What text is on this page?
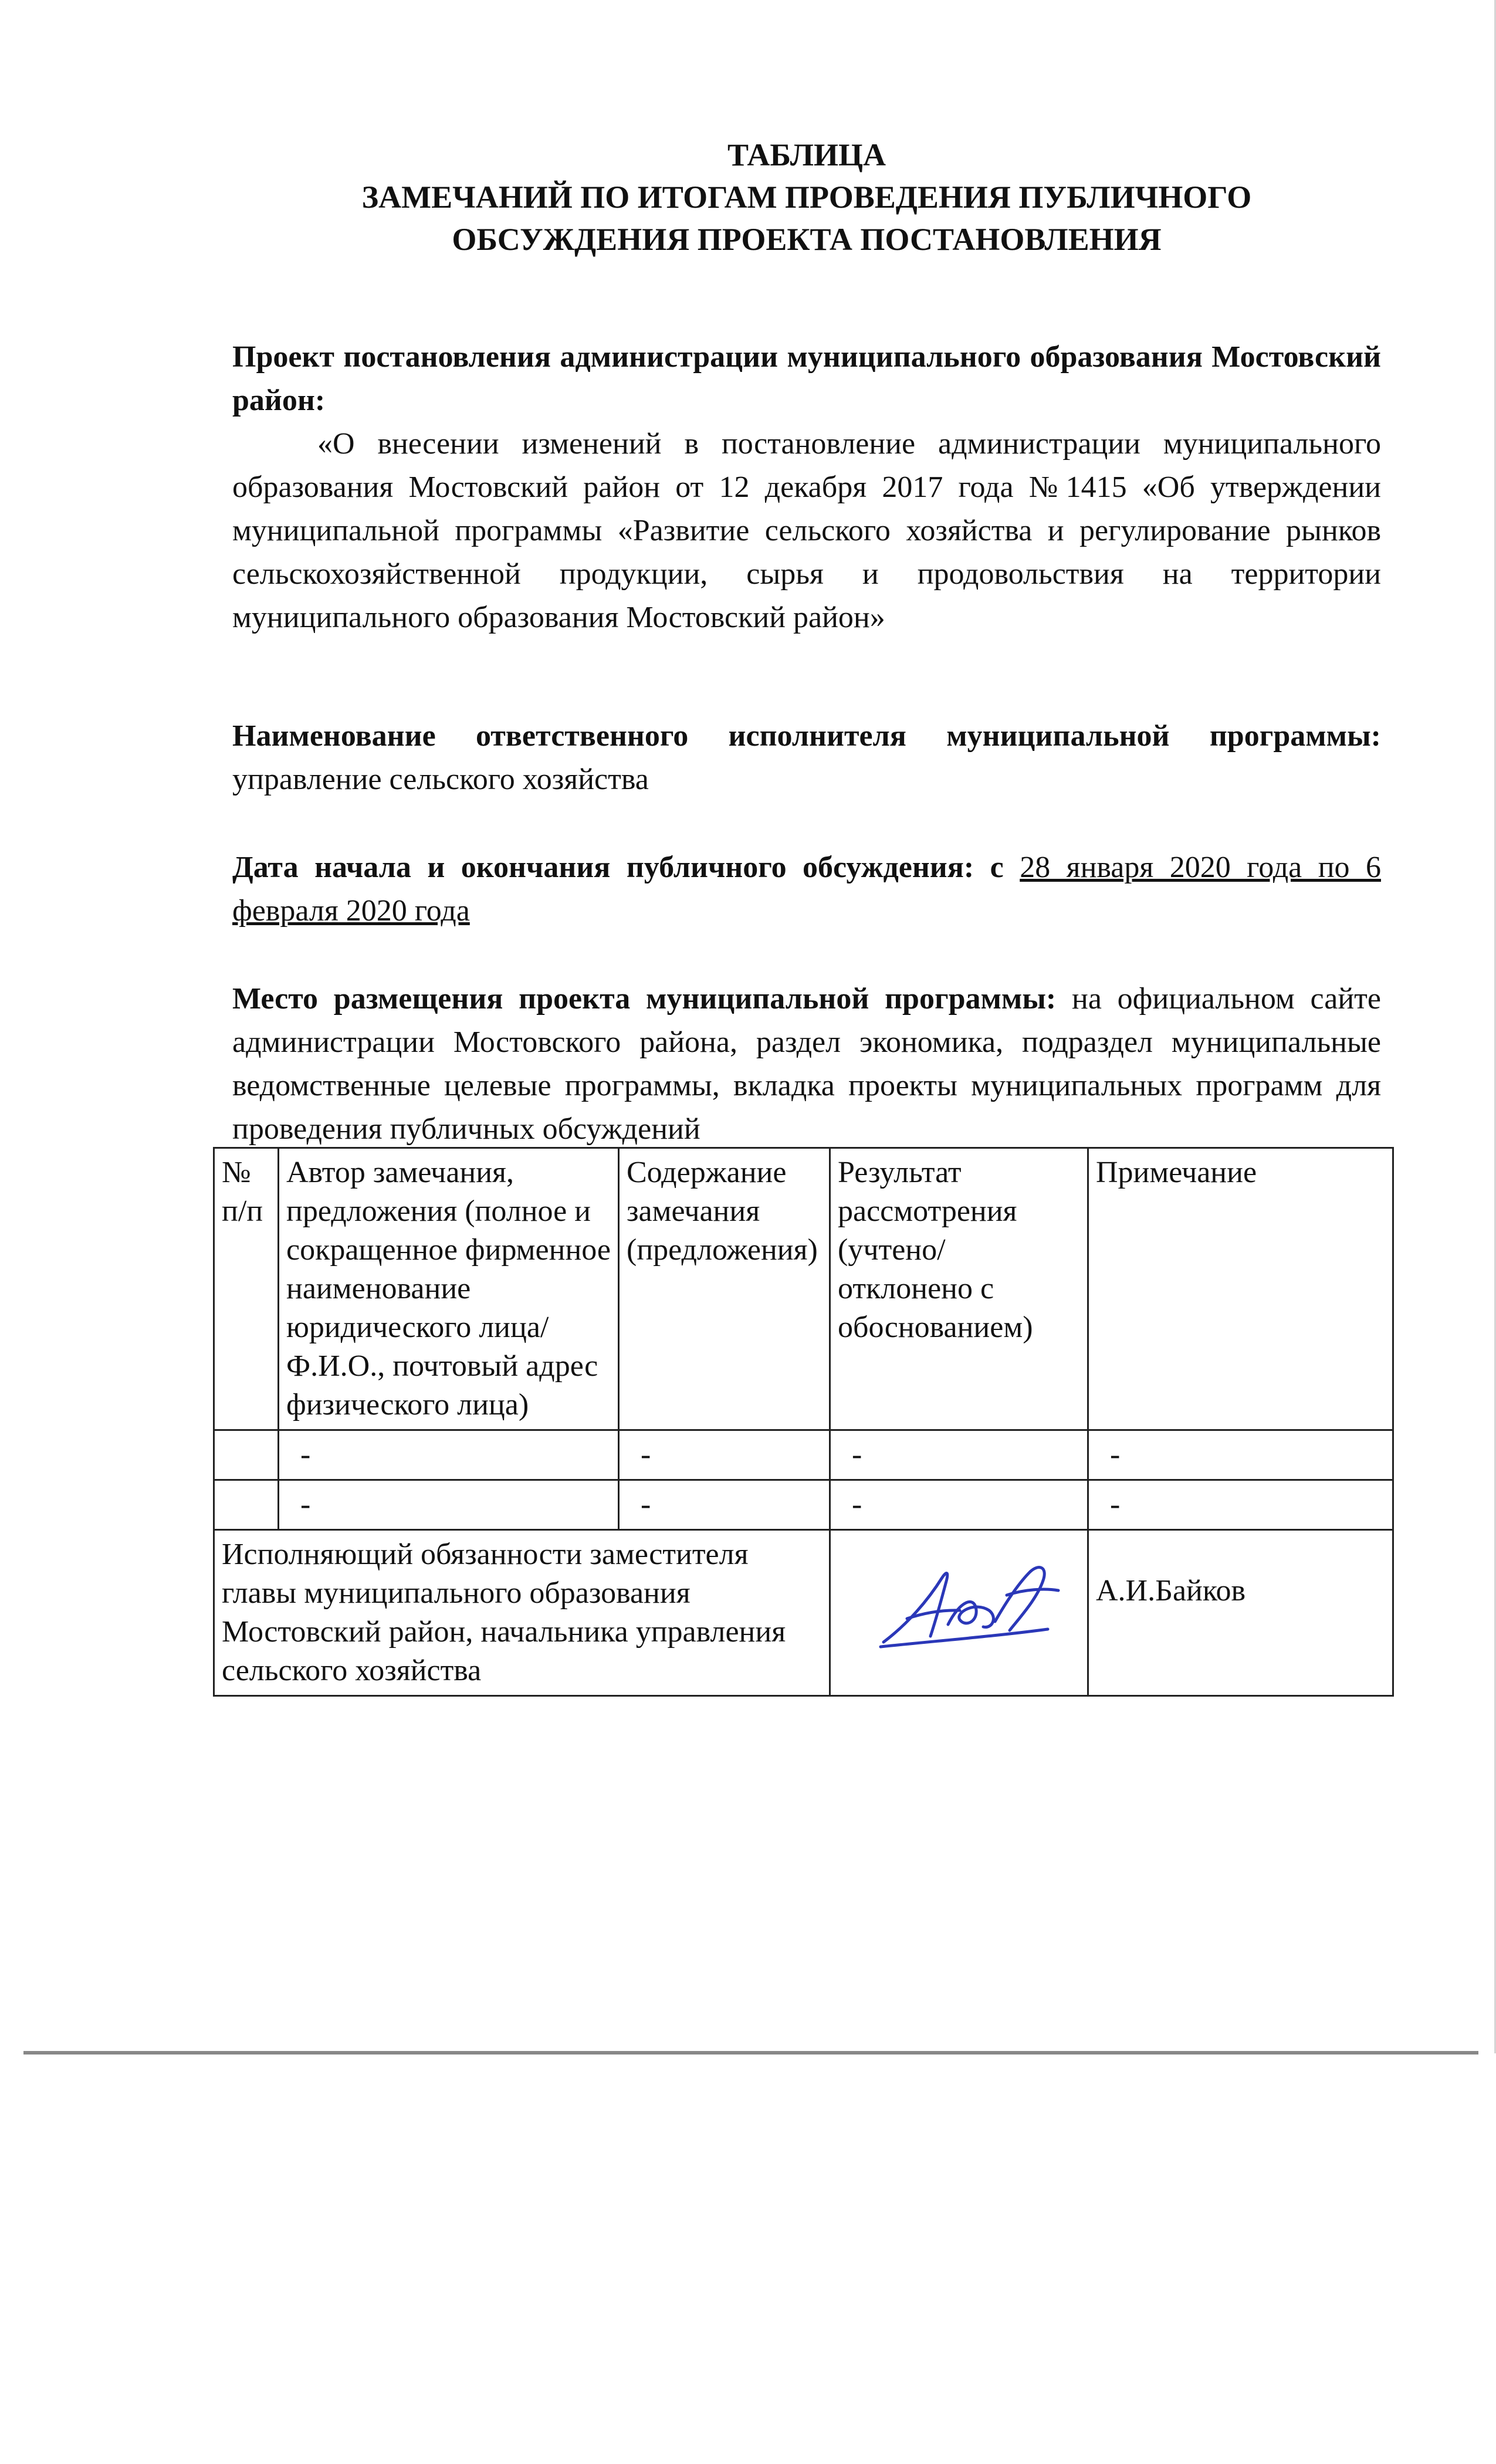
ТАБЛИЦА

ЗАМЕЧАНИЙ ПО ИТОГАМ ПРОВЕДЕНИЯ ПУБЛИЧНОГО

ОБСУЖДЕНИЯ ПРОЕКТА ПОСТАНОВЛЕНИЯ

Проект постановления администрации муниципального образования Мостовский район:

«О внесении изменений в постановление администрации муниципального образования Мостовский район от 12 декабря 2017 года №1415 «Об утверждении муниципальной программы «Развитие сельского хозяйства и регулирование рынков сельскохозяйственной продукции, сырья и продовольствия на территории муниципального образования Мостовский район»

Наименование ответственного исполнителя муниципальной программы: управление сельского хозяйства

Дата начала и окончания публичного обсуждения: с 28 января 2020 года по 6 февраля 2020 года

Место размещения проекта муниципальной программы: на официальном сайте администрации Мостовского района, раздел экономика, подраздел муниципальные ведомственные целевые программы, вкладка проекты муниципальных программ для проведения публичных обсуждений

№ п/п	Автор замечания, предложения (полное и сокращенное фирменное наименование юридического лица/Ф.И.О., почтовый адрес физического лица)	Содержание замечания (предложения)	Результат рассмотрения (учтено/ отклонено с обоснованием)	Примечание
	-	-	-	-
	-	-	-	-
Исполняющий обязанности заместителя главы муниципального образования Мостовский район, начальника управления сельского хозяйства				А.И.Байков
